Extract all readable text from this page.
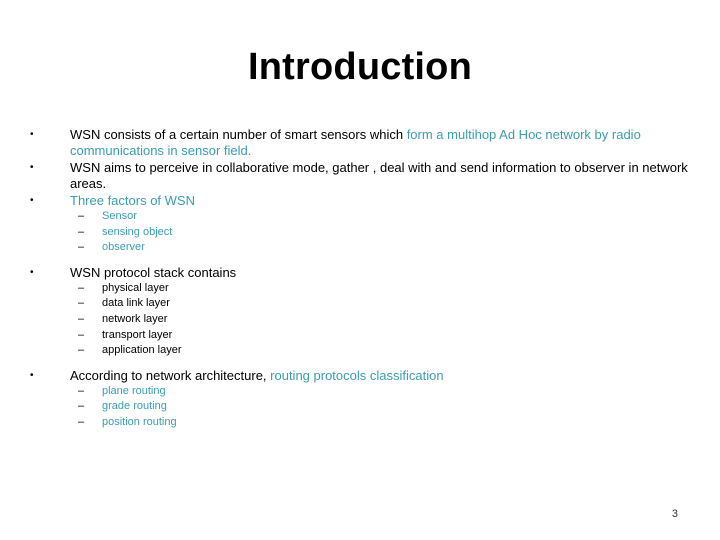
Introduction
•	WSN consists of a certain number of smart sensors which form a multihop Ad Hoc network by radio communications in sensor field.
•	WSN aims to perceive in collaborative mode, gather , deal with and send information to observer in network areas.
•	Three factors of WSN
– Sensor
– sensing object
– observer
•	WSN protocol stack contains
– physical layer
– data link layer
– network layer
– transport layer
– application layer
•	According to network architecture, routing protocols classification
– plane routing
– grade routing
– position routing
3
